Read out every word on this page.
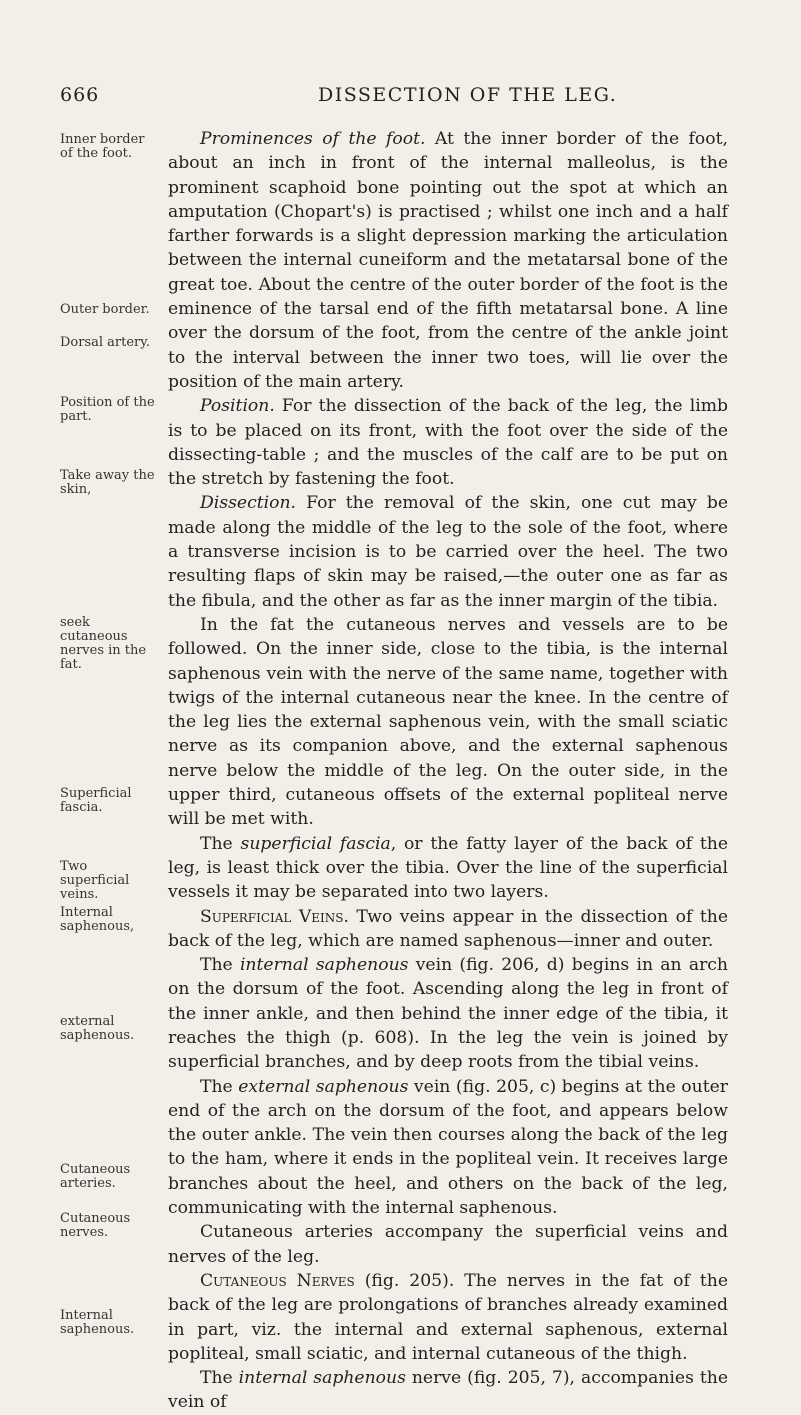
666	DISSECTION OF THE LEG.
Inner border of the foot.
Outer border.
Dorsal artery.
Position of the part.
Take away the skin,
seek cutaneous nerves in the fat.
Superficial fascia.
Two superficial veins.
Internal saphenous,
external saphenous.
Cutaneous arteries.
Cutaneous nerves.
Internal saphenous.

Prominences of the foot. At the inner border of the foot, about an inch in front of the internal malleolus, is the prominent scaphoid bone pointing out the spot at which an amputation (Chopart's) is practised ; whilst one inch and a half farther forwards is a slight depression marking the articulation between the internal cuneiform and the metatarsal bone of the great toe. About the centre of the outer border of the foot is the eminence of the tarsal end of the fifth metatarsal bone. A line over the dorsum of the foot, from the centre of the ankle joint to the interval between the inner two toes, will lie over the position of the main artery.

Position. For the dissection of the back of the leg, the limb is to be placed on its front, with the foot over the side of the dissecting-table ; and the muscles of the calf are to be put on the stretch by fastening the foot.

Dissection. For the removal of the skin, one cut may be made along the middle of the leg to the sole of the foot, where a transverse incision is to be carried over the heel. The two resulting flaps of skin may be raised,—the outer one as far as the fibula, and the other as far as the inner margin of the tibia.

In the fat the cutaneous nerves and vessels are to be followed. On the inner side, close to the tibia, is the internal saphenous vein with the nerve of the same name, together with twigs of the internal cutaneous near the knee. In the centre of the leg lies the external saphenous vein, with the small sciatic nerve as its companion above, and the external saphenous nerve below the middle of the leg. On the outer side, in the upper third, cutaneous offsets of the external popliteal nerve will be met with.

The superficial fascia, or the fatty layer of the back of the leg, is least thick over the tibia. Over the line of the superficial vessels it may be separated into two layers.

Superficial Veins. Two veins appear in the dissection of the back of the leg, which are named saphenous—inner and outer.

The internal saphenous vein (fig. 206, d) begins in an arch on the dorsum of the foot. Ascending along the leg in front of the inner ankle, and then behind the inner edge of the tibia, it reaches the thigh (p. 608). In the leg the vein is joined by superficial branches, and by deep roots from the tibial veins.

The external saphenous vein (fig. 205, c) begins at the outer end of the arch on the dorsum of the foot, and appears below the outer ankle. The vein then courses along the back of the leg to the ham, where it ends in the popliteal vein. It receives large branches about the heel, and others on the back of the leg, communicating with the internal saphenous.

Cutaneous arteries accompany the superficial veins and nerves of the leg.

Cutaneous Nerves (fig. 205). The nerves in the fat of the back of the leg are prolongations of branches already examined in part, viz. the internal and external saphenous, external popliteal, small sciatic, and internal cutaneous of the thigh.

The internal saphenous nerve (fig. 205, 7), accompanies the vein of
